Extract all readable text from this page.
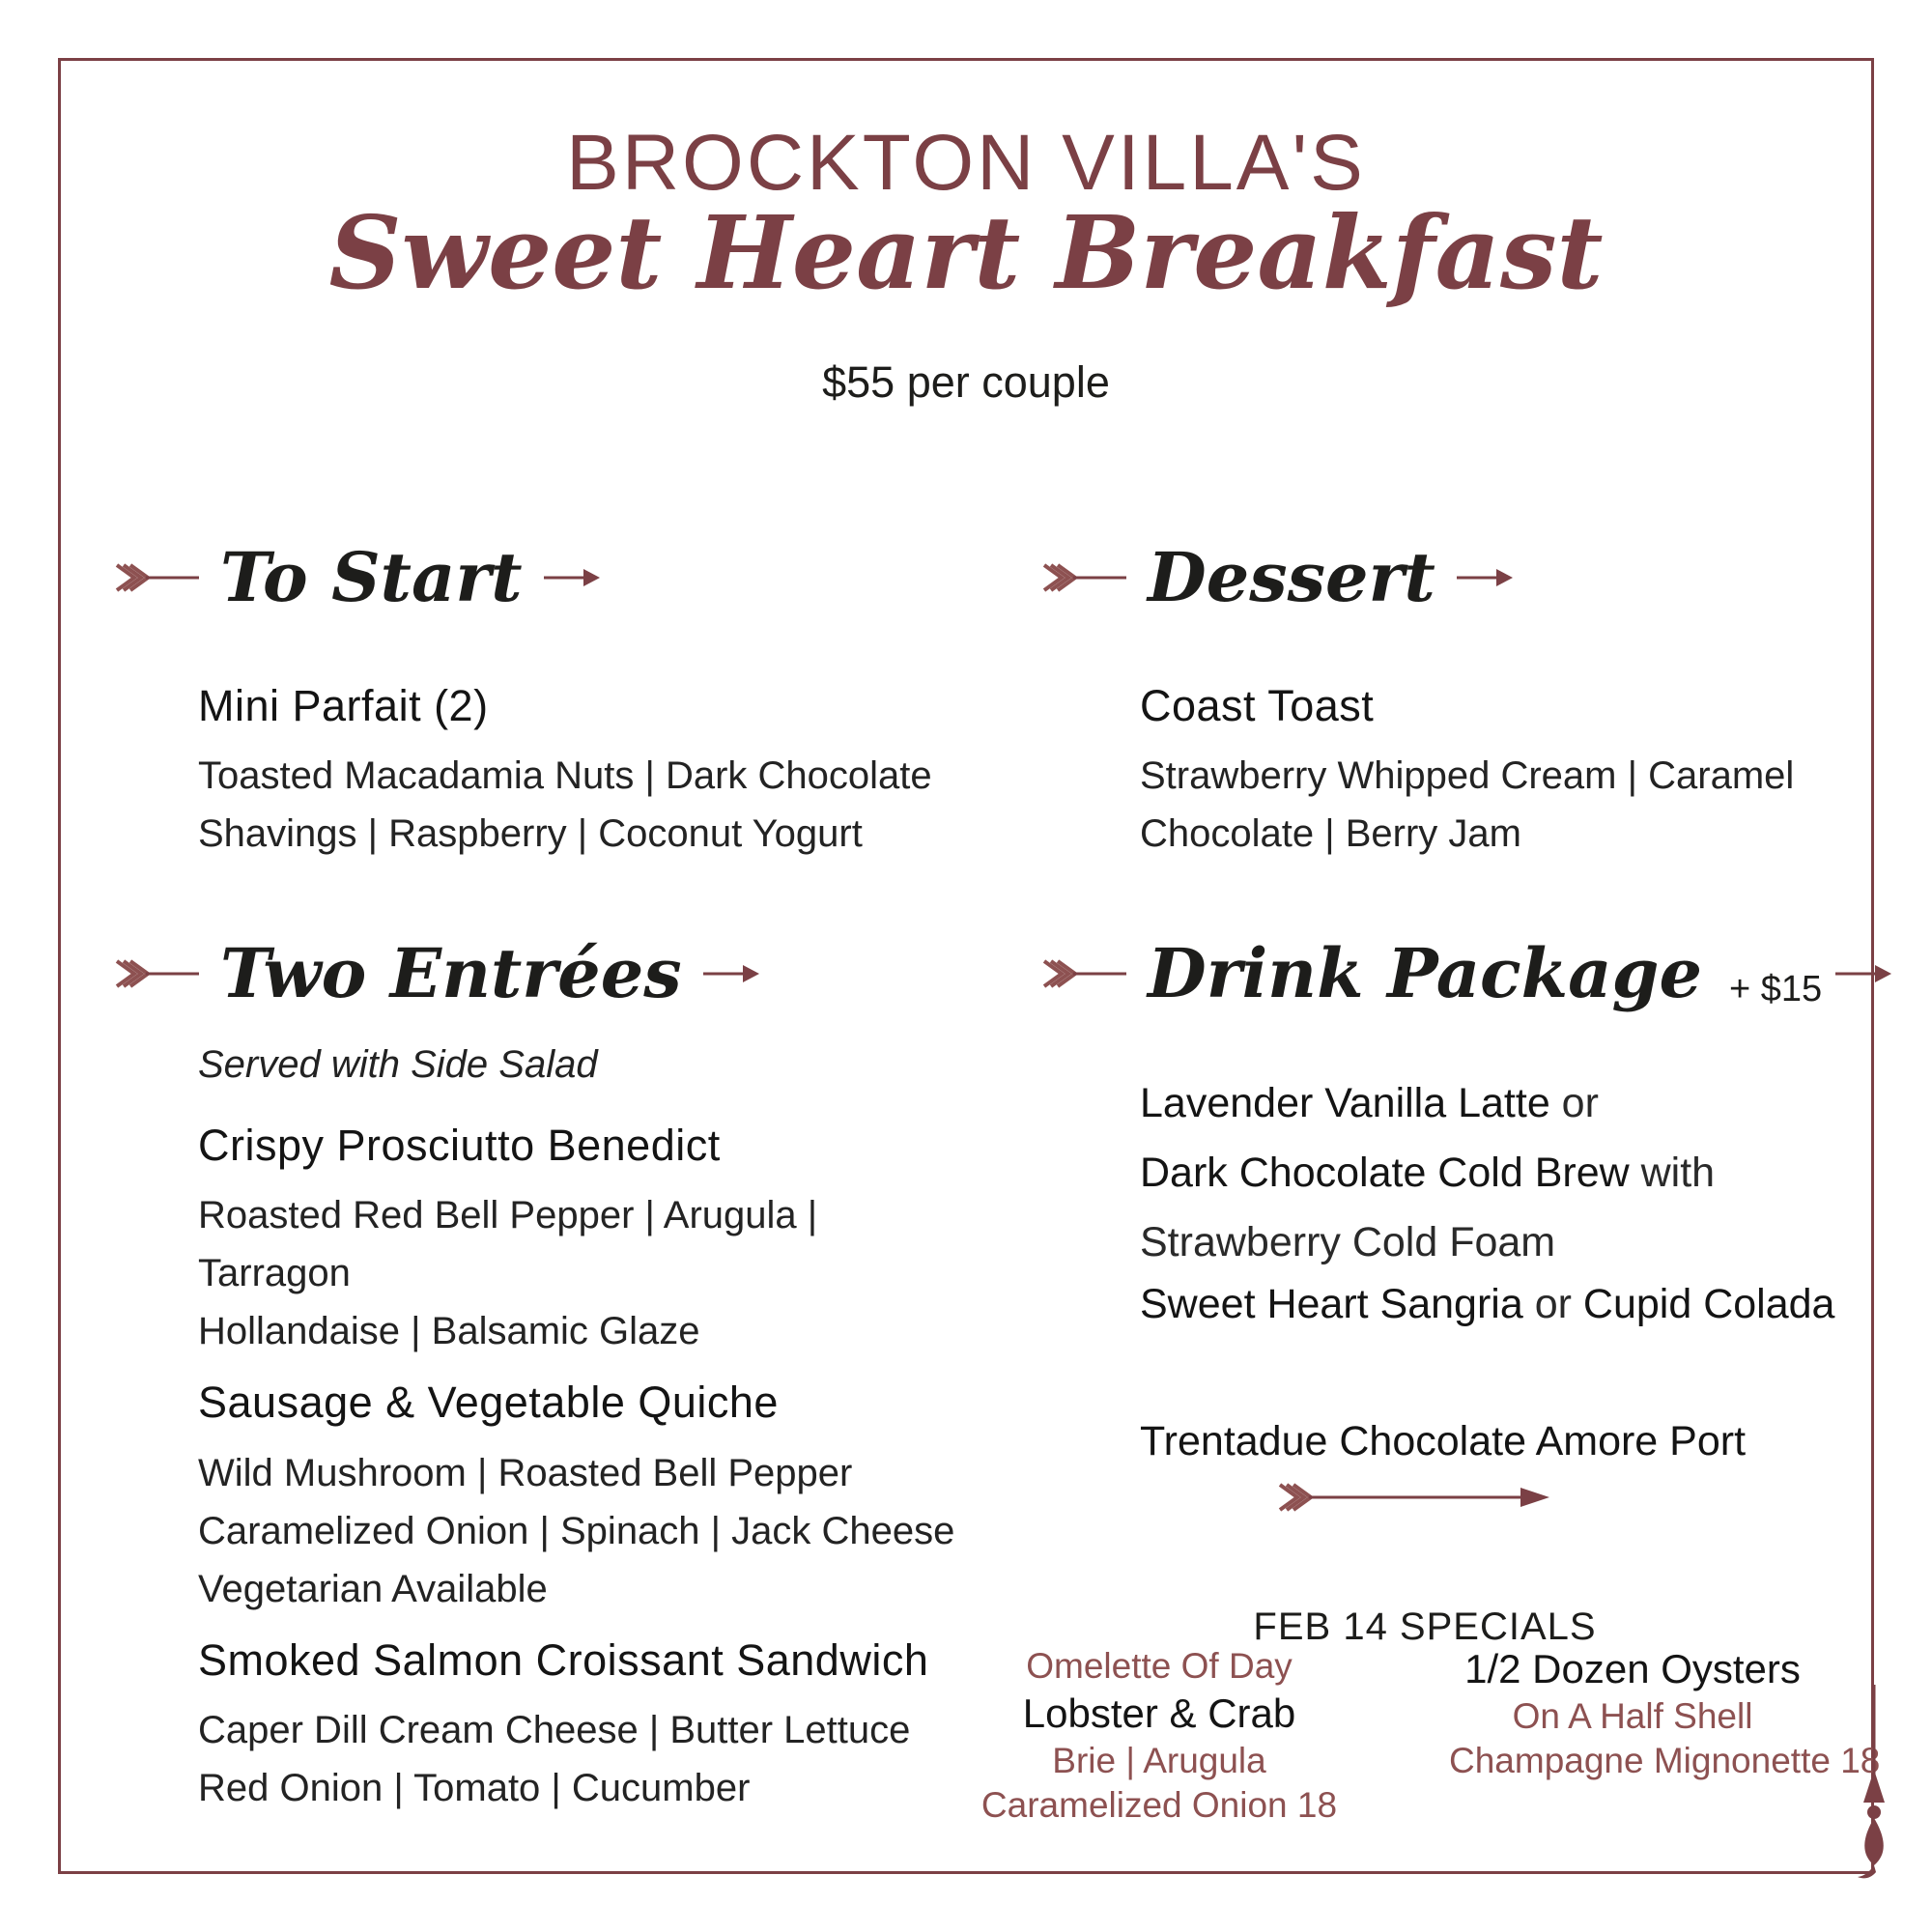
BROCKTON VILLA'S
Sweet Heart Breakfast
$55 per couple
To Start
Mini Parfait (2)
Toasted Macadamia Nuts | Dark Chocolate
Shavings | Raspberry | Coconut Yogurt
Two Entrées
Served with Side Salad
Crispy Prosciutto Benedict
Roasted Red Bell Pepper | Arugula | Tarragon
Hollandaise | Balsamic Glaze
Sausage & Vegetable Quiche
Wild Mushroom | Roasted Bell Pepper
Caramelized Onion | Spinach | Jack Cheese
Vegetarian Available
Smoked Salmon Croissant Sandwich
Caper Dill Cream Cheese | Butter Lettuce
Red Onion | Tomato | Cucumber
Dessert
Coast Toast
Strawberry Whipped Cream | Caramel
Chocolate | Berry Jam
Drink Package + $15
Lavender Vanilla Latte or
Dark Chocolate Cold Brew with
Strawberry Cold Foam
Sweet Heart Sangria or Cupid Colada
Trentadue Chocolate Amore Port
FEB 14 SPECIALS
Omelette Of Day
Lobster & Crab
Brie | Arugula
Caramelized Onion 18
1/2 Dozen Oysters
On A Half Shell
Champagne Mignonette 18
